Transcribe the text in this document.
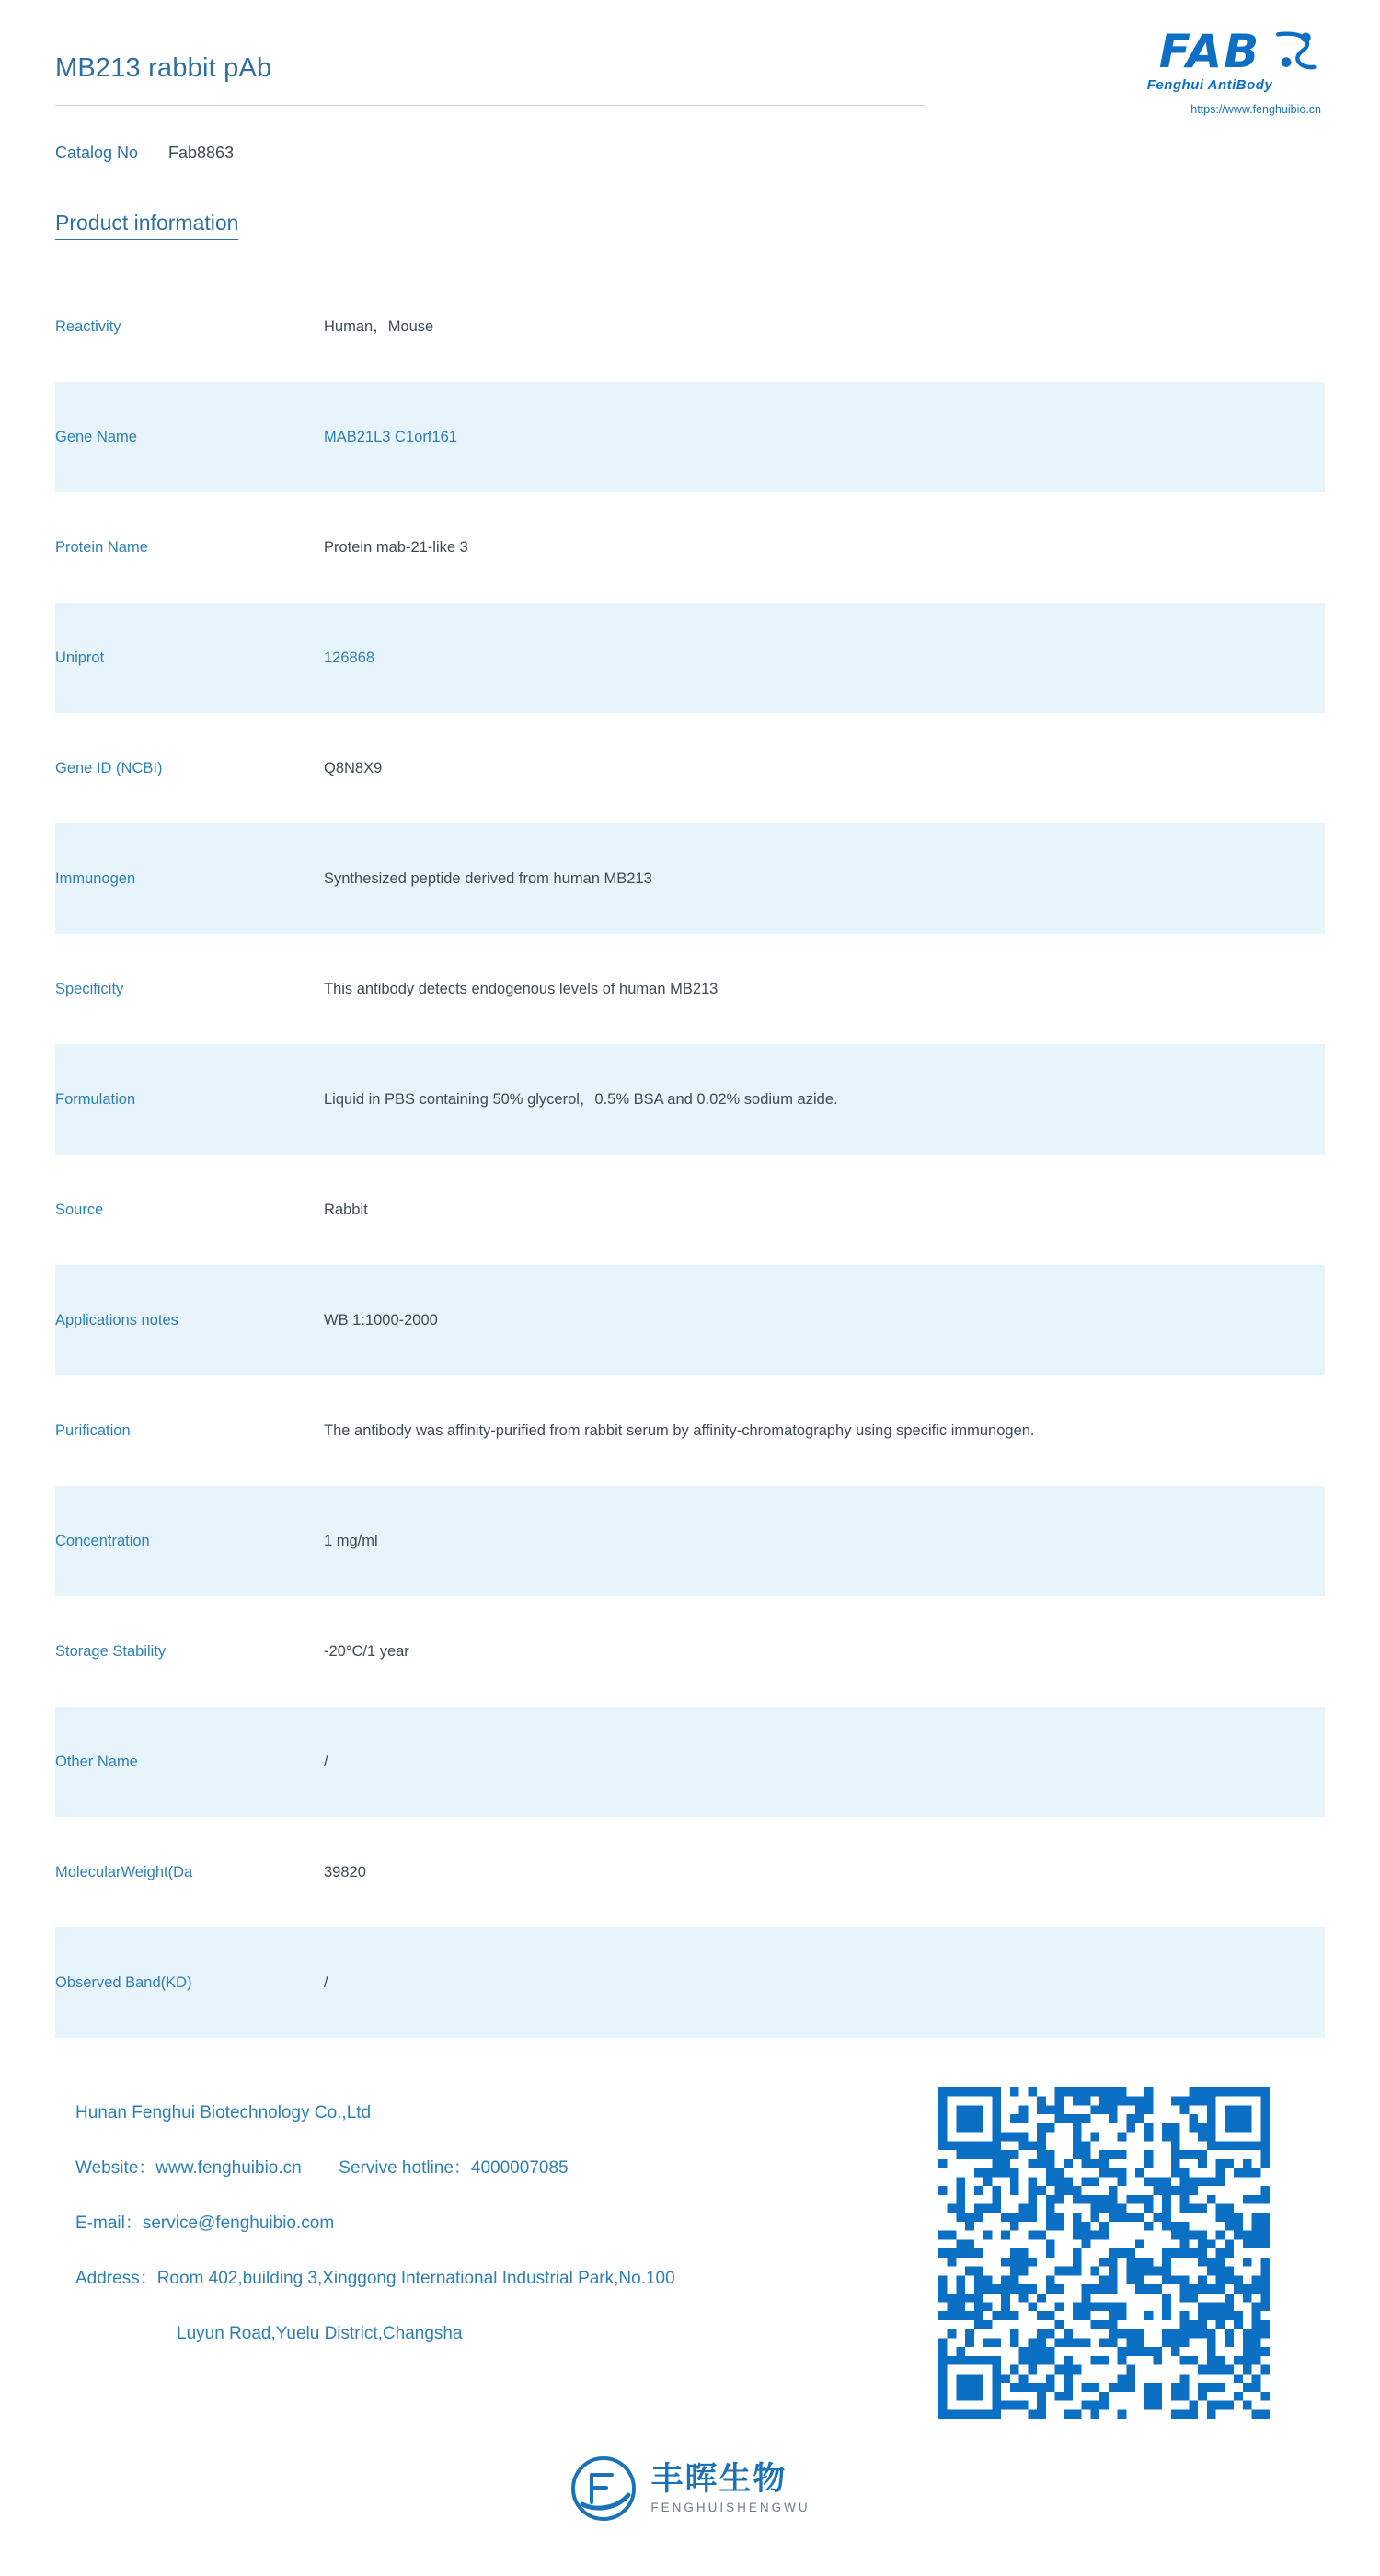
MB213 rabbit pAb	FAB
Fenghui AntiBody
https://www.fenghuibio.cn
Catalog No Fab8863
Product information
Reactivity	Human，Mouse
Gene Name	MAB21L3 C1orf161
Protein Name	Protein mab-21-like 3
Uniprot	126868
Gene ID (NCBI)	Q8N8X9
Immunogen	Synthesized peptide derived from human MB213
Specificity	This antibody detects endogenous levels of human MB213
Formulation	Liquid in PBS containing 50% glycerol，0.5% BSA and 0.02% sodium azide.
Source	Rabbit
Applications notes	WB 1:1000-2000
Purification	The antibody was affinity-purified from rabbit serum by affinity-chromatography using specific immunogen.
Concentration	1 mg/ml
Storage Stability	-20°C/1 year
Other Name	/
MolecularWeight(Da	39820
Observed Band(KD)	/
Hunan Fenghui Biotechnology Co.,Ltd
Website：www.fenghuibio.cn Servive hotline：4000007085
E-mail：service@fenghuibio.com
Address：Room 402,building 3,Xinggong International Industrial Park,No.100
Luyun Road,Yuelu District,Changsha
丰晖生物
FENGHUISHENGWU
